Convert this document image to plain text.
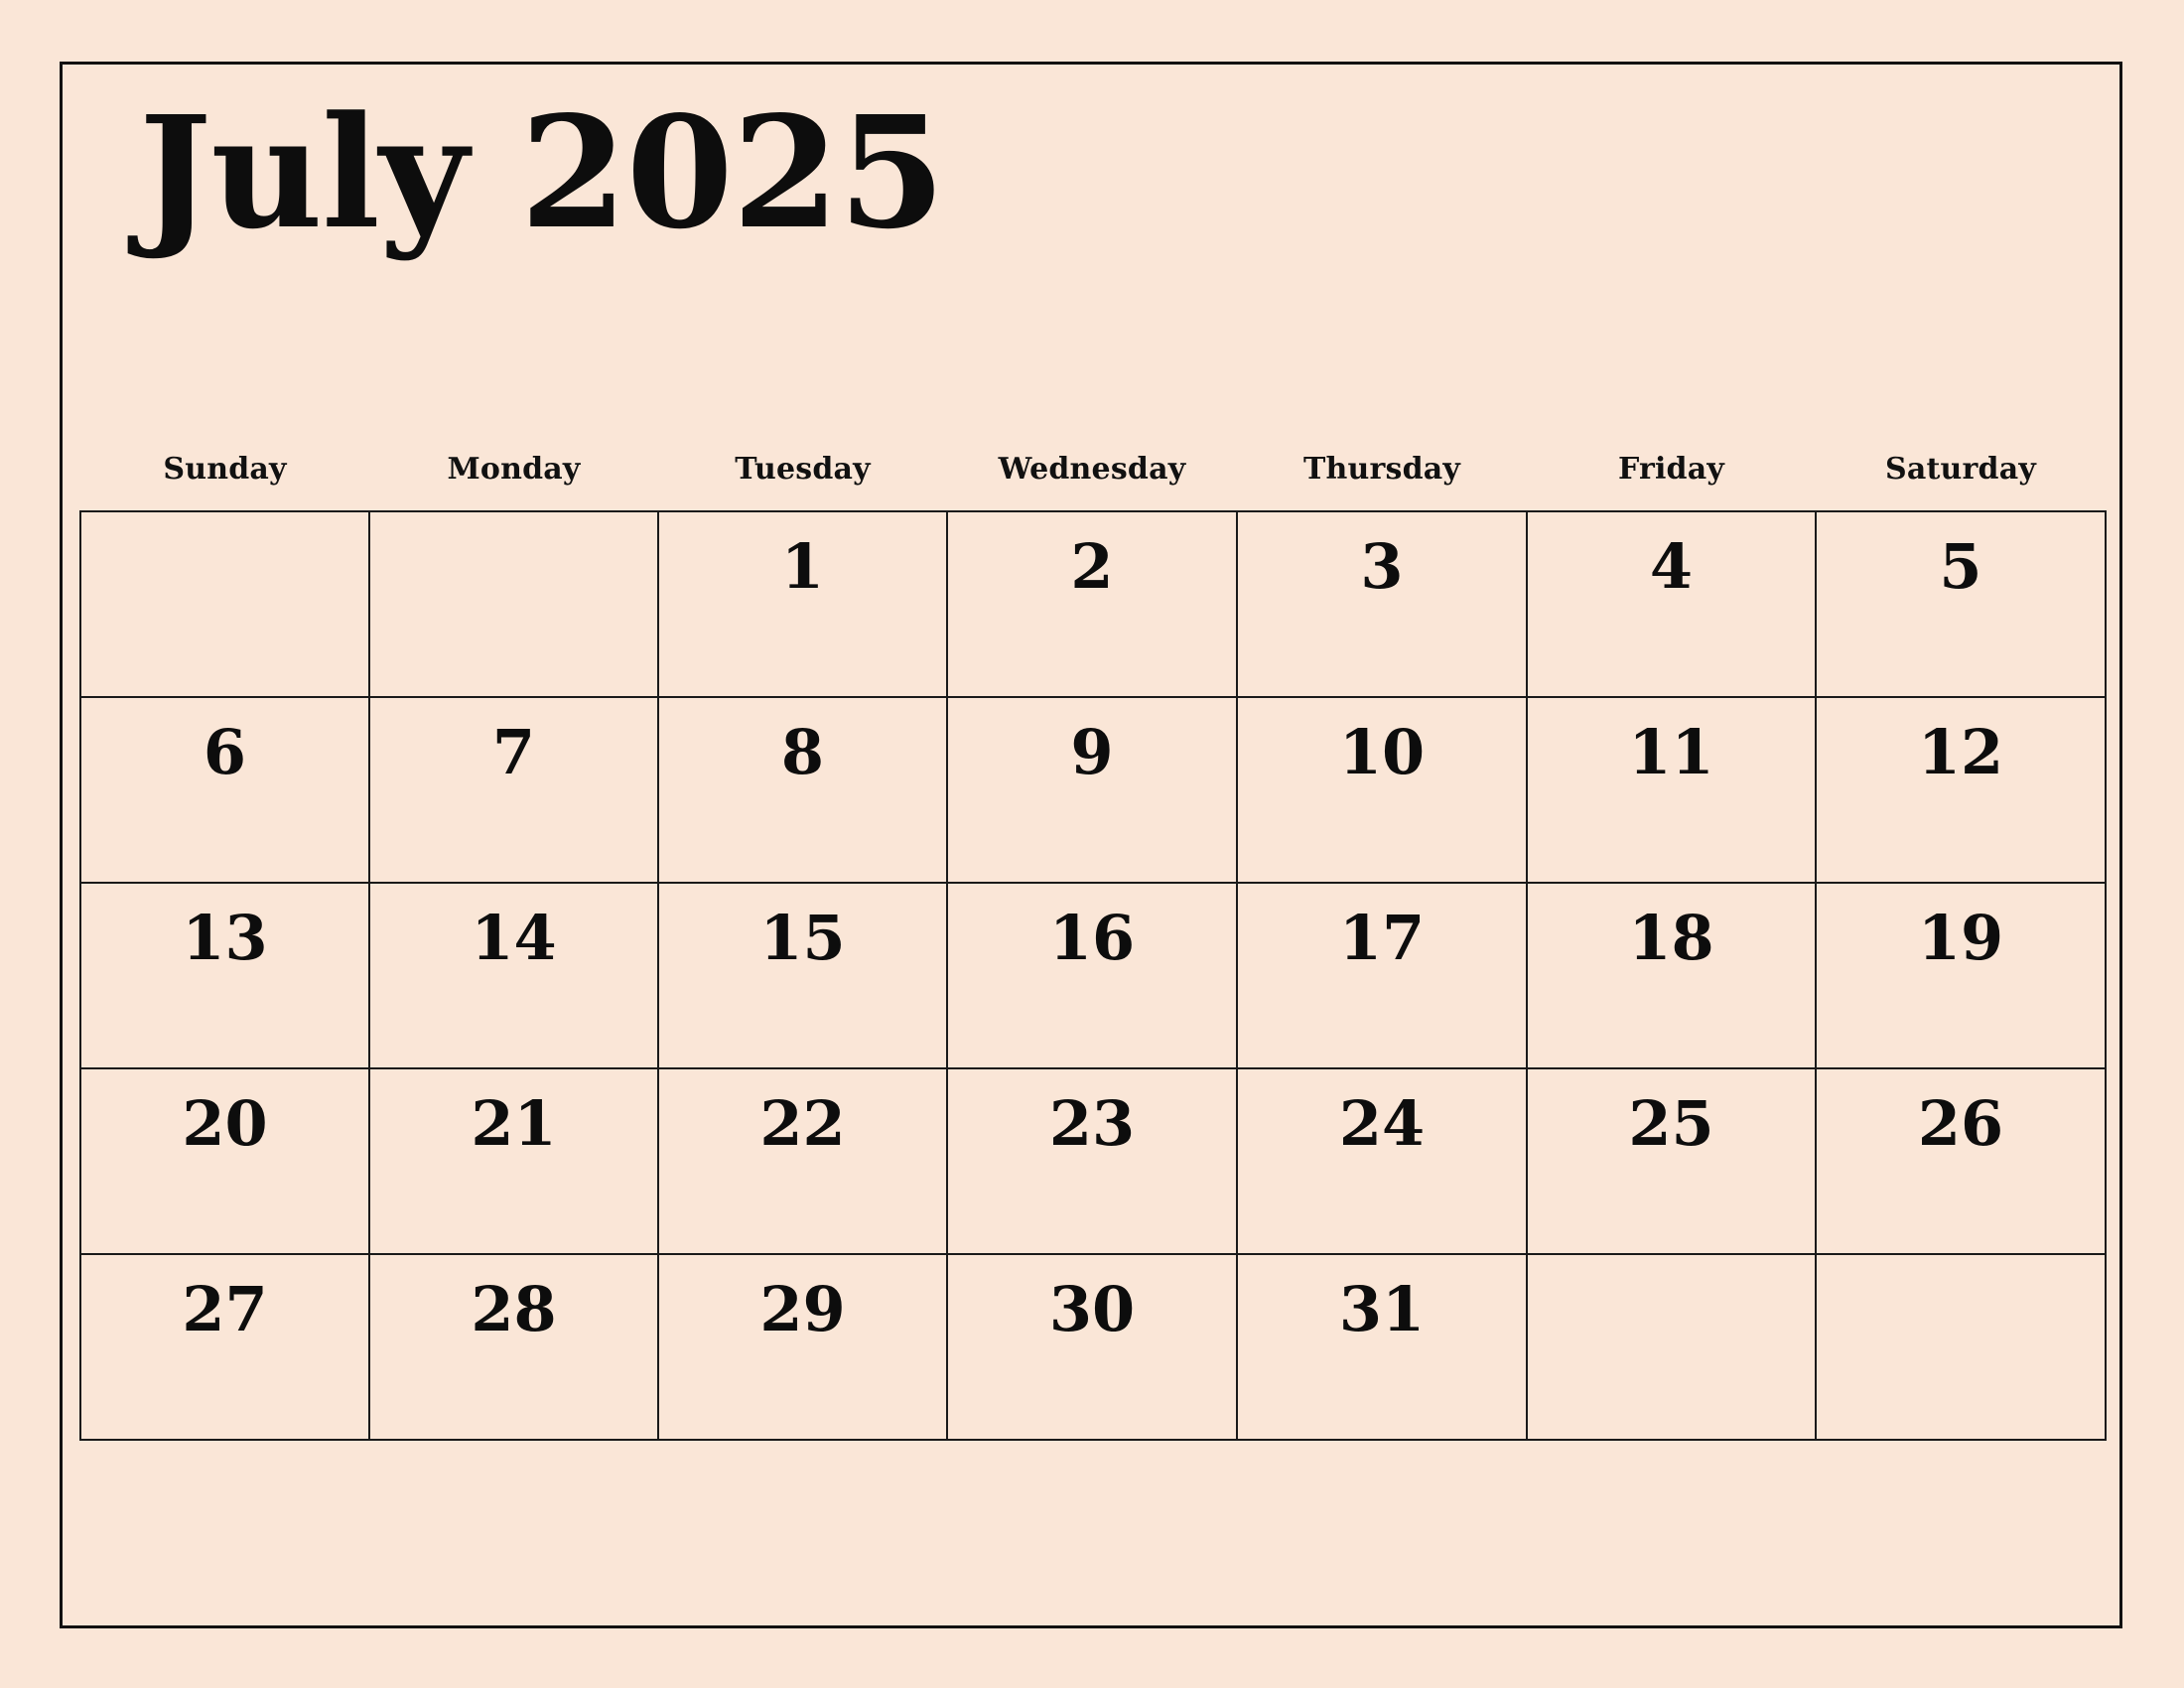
July 2025
Sunday	Monday	Tuesday	Wednesday	Thursday	Friday	Saturday

		1	2	3	4	5

6	7	8	9	10	11	12

13	14	15	16	17	18	19

20	21	22	23	24	25	26

27	28	29	30	31		
